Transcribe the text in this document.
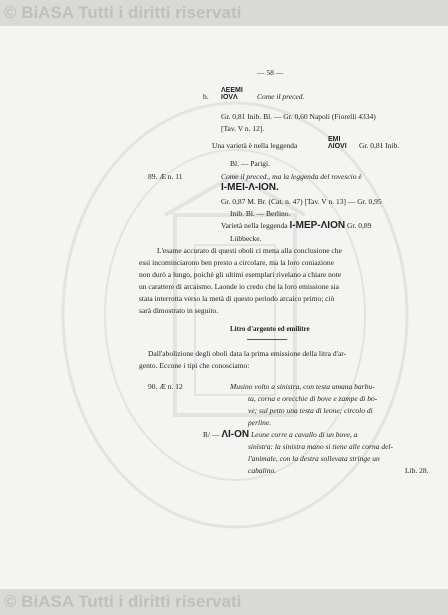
© BiASA Tutti i diritti riservati
— 58 —
b.
ΛΕΕΜΙ
ΙΟVΛ	Come il preced.
Gr. 0,81 Inib. Bl. — Gr. 0,60 Napoli (Fiorelli 4334)
[Tav. V n. 12].
Una varietà è nella leggenda
ΕΜΙ
ΛΙΟVΙ Gr. 0,81 Inib.
Bl. — Parigi.
89. Æ n. 11	Come il preced., ma la leggenda del rovescio è
Ι-ΜΕΙ-Λ-ΙΟΝ.
Gr. 0,87 M. Br. (Cat. n. 47) [Tav. V n. 13] — Gr. 0,95
Inib. Bl. — Berlino.
Varietà nella leggenda Ι-ΜΕΡ-ΛΙΟΝ Gr. 0,89
Lübbecke.
L'esame accurato di questi oboli ci mena alla conclusione che
essi incominciarono ben presto a circolare, ma la loro coniazione
non durò a lungo, poichè gli ultimi esemplari rivelano a chiare note
un carattere di arcaismo. Laonde io credo che la loro emissione sia
stata interrotta verso la metà di questo periodo arcaico primo; ciò
sarà dimostrato in seguito.
Litro d'argento ed emilitre
Dall'abolizione degli oboli data la prima emissione della litra d'ar-
gento. Eccone i tipi che conosciamo:
90. Æ n. 12	Musino volto a sinistra, con testa umana barbu-
ta, corna e orecchie di bove e zampe di bo-
ve; sul petto una testa di leone; circolo di
perline.
R/ — ΛΙ-ΟΝ Leone corre a cavallo di un bove, a
sinistra: la sinistra mano si tiene alle corna del-
l'animale, con la destra sollevata stringe un
cabalino.	Lib. 28.
© BiASA Tutti i diritti riservati
